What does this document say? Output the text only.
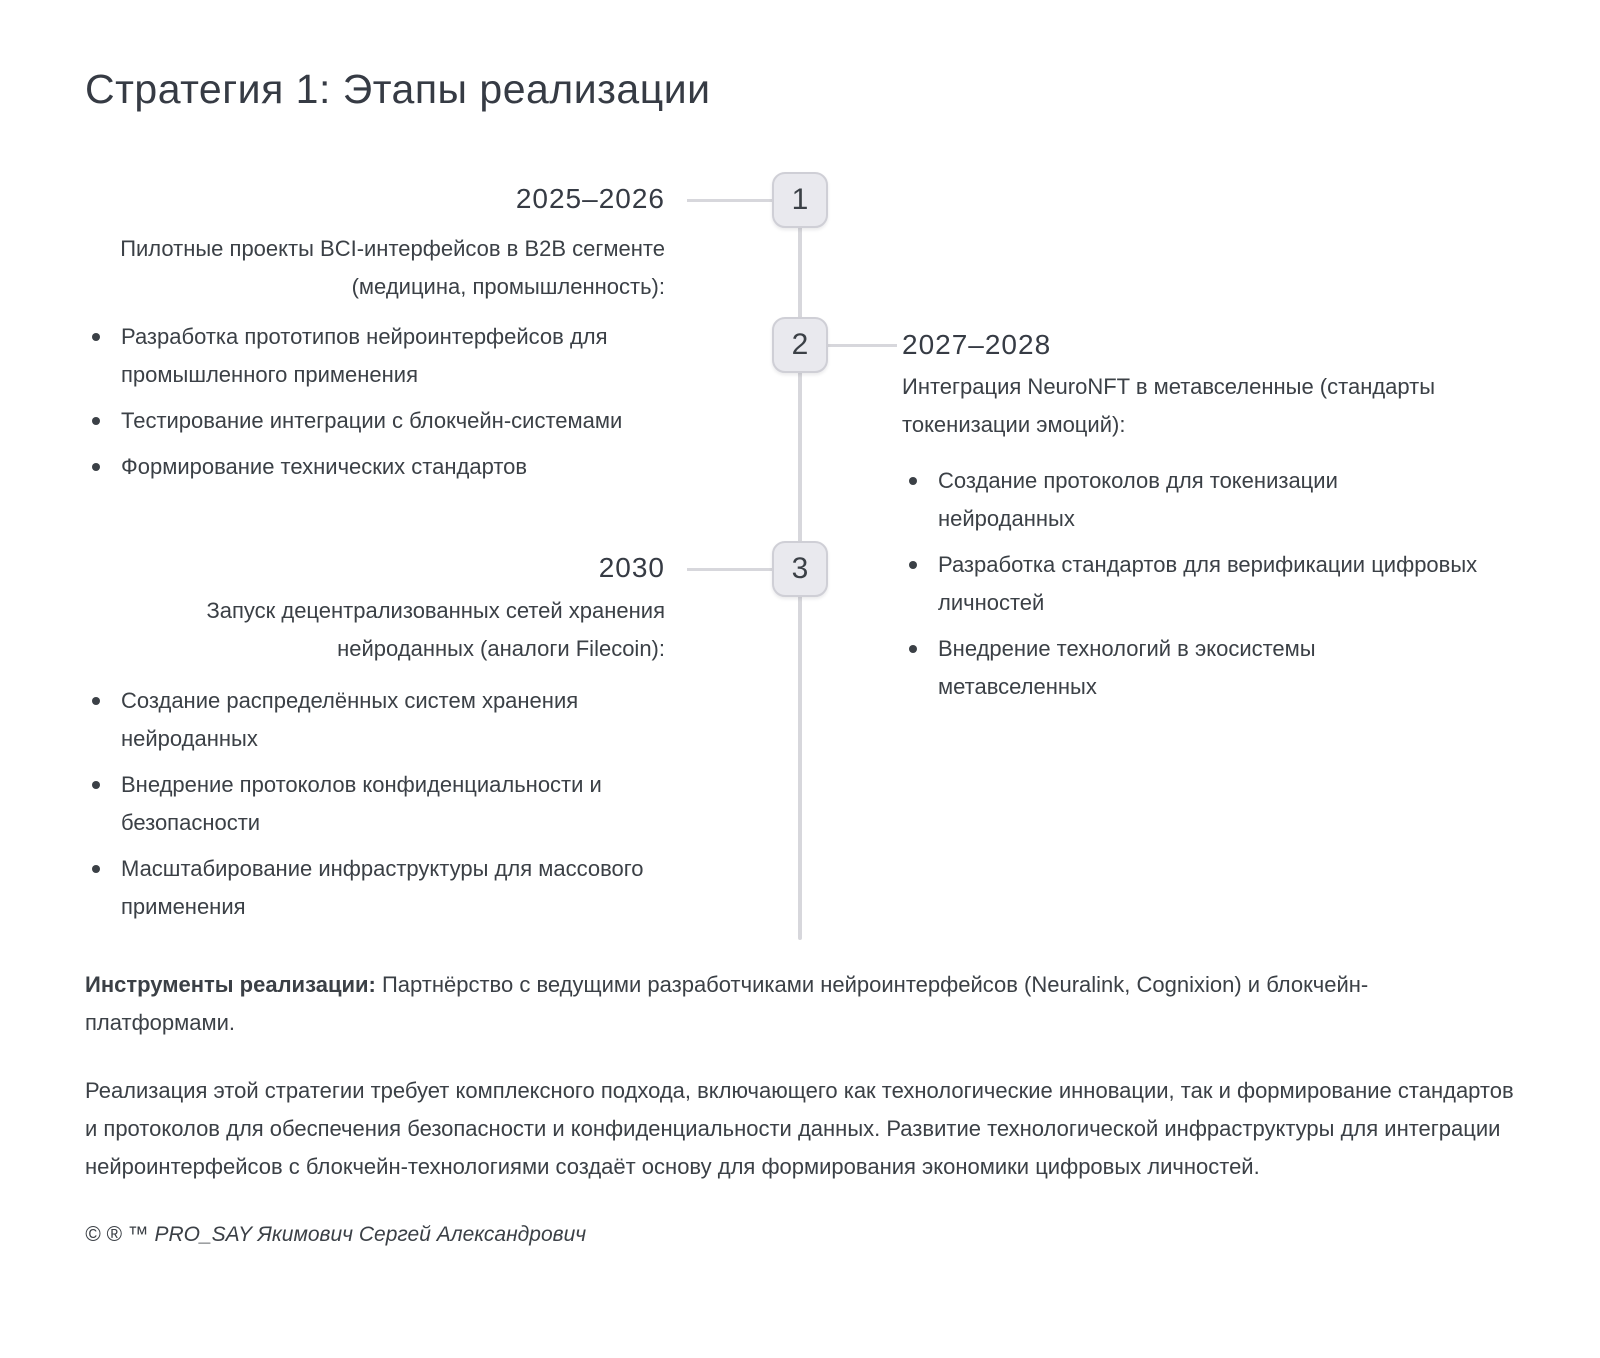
Стратегия 1: Этапы реализации
1
2
3
2025–2026
2027–2028
2030

Пилотные проекты BCI-интерфейсов в B2B сегменте (медицина, промышленность):

Разработка прототипов нейроинтерфейсов для промышленного применения
Тестирование интеграции с блокчейн-системами
Формирование технических стандартов

Интеграция NeuroNFT в метавселенные (стандарты токенизации эмоций):

Создание протоколов для токенизации нейроданных
Разработка стандартов для верификации цифровых личностей
Внедрение технологий в экосистемы метавселенных

Запуск децентрализованных сетей хранения нейроданных (аналоги Filecoin):

Создание распределённых систем хранения нейроданных
Внедрение протоколов конфиденциальности и безопасности
Масштабирование инфраструктуры для массового применения

Инструменты реализации: Партнёрство с ведущими разработчиками нейроинтерфейсов (Neuralink, Cognixion) и блокчейн-платформами.

Реализация этой стратегии требует комплексного подхода, включающего как технологические инновации, так и формирование стандартов и протоколов для обеспечения безопасности и конфиденциальности данных. Развитие технологической инфраструктуры для интеграции нейроинтерфейсов с блокчейн-технологиями создаёт основу для формирования экономики цифровых личностей.

© ® ™ PRO_SAY Якимович Сергей Александрович
